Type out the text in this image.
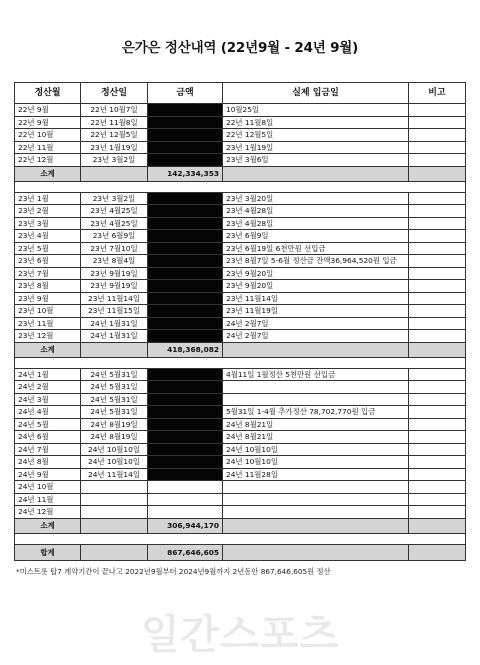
은가은 정산내역 (22년9월 - 24년 9월)
정산월	정산일	금액	실제 입금일	비고
22년 9월	22년 10월7일		10월25일	
22년 9월	22년 11월8일		22년 11월8일	
22년 10월	22년 12월5일		22년 12월5일	
22년 11월	23년 1월19일		23년 1월19일	
22년 12월	23년 3월2일		23년 3월6일	
소계		142,334,353		

23년 1월	23년 3월2일		23년 3월20일	
23년 2월	23년 4월25일		23년 4월28일	
23년 3월	23년 4월25일		23년 4월28일	
23년 4월	23년 6월9일		23년 6월9일	
23년 5월	23년 7월10일		23년 6월19일 6천만원 선입금	
23년 6월	23년 8월4일		23년 8월7일 5-6월 정산금 잔액36,964,520원 입금	
23년 7월	23년 9월19일		23년 9월20일	
23년 8월	23년 9월19일		23년 9월20일	
23년 9월	23년 11월14일		23년 11월14일	
23년 10월	23년 11월15일		23년 11월19일	
23년 11월	24년 1월31일		24년 2월7일	
23년 12월	24년 1월31일		24년 2월7일	
소계		418,368,082		

24년 1월	24년 5월31일		4월11일 1월정산 5천만원 선입금	
24년 2월	24년 5월31일			
24년 3월	24년 5월31일			
24년 4월	24년 5월31일		5월31일 1-4월 추가정산 78,702,770원 입금	
24년 5월	24년 8월19일		24년 8월21일	
24년 6월	24년 8월19일		24년 8월21일	
24년 7월	24년 10월10일		24년 10월10일	
24년 8월	24년 10월10일		24년 10월10일	
24년 9월	24년 11월14일		24년 11월28일	
24년 10월				
24년 11월				
24년 12월				
소계		306,944,170		

합계		867,646,605		
*미스트롯 탑7 계약기간이 끝나고 2022년9월부터 2024년9월까지 2년동안 867,646,605원 정산
일간스포츠
